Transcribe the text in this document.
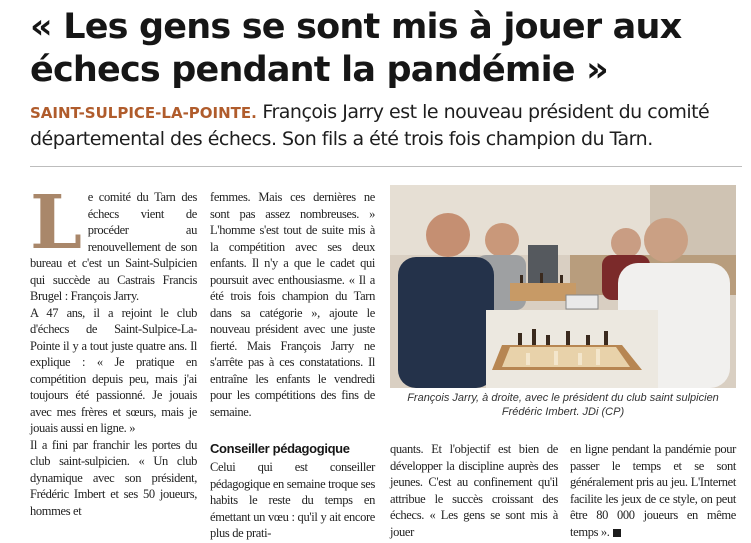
« Les gens se sont mis à jouer aux échecs pendant la pandémie »

SAINT-SULPICE-LA-POINTE. François Jarry est le nouveau président du comité départemental des échecs. Son fils a été trois fois champion du Tarn.

Le comité du Tarn des échecs vient de procéder au renouvellement de son bureau et c'est un Saint-Sulpicien qui succède au Castrais Francis Brugel : François Jarry.

A 47 ans, il a rejoint le club d'échecs de Saint-Sulpice-La-Pointe il y a tout juste quatre ans. Il explique : « Je pratique en compétition depuis peu, mais j'ai toujours été passionné. Je jouais avec mes frères et sœurs, mais je jouais aussi en ligne. »

Il a fini par franchir les portes du club saint-sulpicien. « Un club dynamique avec son président, Frédéric Imbert et ses 50 joueurs, hommes et

femmes. Mais ces dernières ne sont pas assez nombreuses. » L'homme s'est tout de suite mis à la compétition avec ses deux enfants. Il n'y a que le cadet qui poursuit avec enthousiasme. « Il a été trois fois champion du Tarn dans sa catégorie », ajoute le nouveau président avec une juste fierté. Mais François Jarry ne s'arrête pas à ces constatations. Il entraîne les enfants le vendredi pour les compétitions des fins de semaine.

Conseiller pédagogique

Celui qui est conseiller pédagogique en semaine troque ses habits le reste du temps en émettant un vœu : qu'il y ait encore plus de prati-

François Jarry, à droite, avec le président du club saint sulpicien Frédéric Imbert. JDi (CP)

quants. Et l'objectif est bien de développer la discipline auprès des jeunes. C'est au confinement qu'il attribue le succès croissant des échecs. « Les gens se sont mis à jouer

en ligne pendant la pandémie pour passer le temps et se sont généralement pris au jeu. L'Internet facilite les jeux de ce style, on peut être 80 000 joueurs en même temps ».
